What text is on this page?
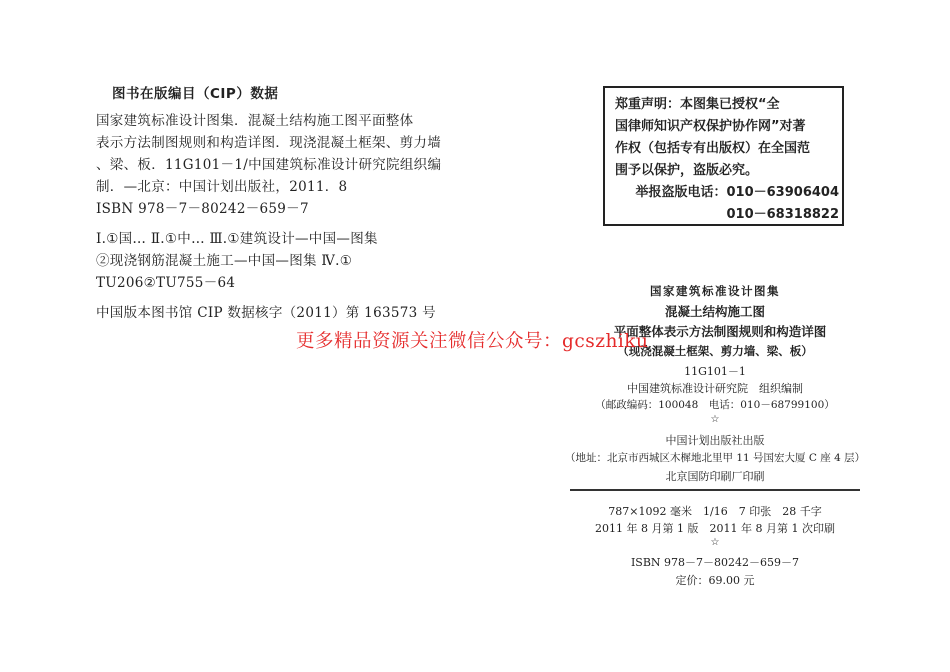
图书在版编目（CIP）数据
国家建筑标准设计图集．混凝土结构施工图平面整体
表示方法制图规则和构造详图．现浇混凝土框架、剪力墙
、梁、板．11G101－1/中国建筑标准设计研究院组织编
制．—北京：中国计划出版社，2011．8
ISBN 978－7－80242－659－7
Ⅰ.①国… Ⅱ.①中… Ⅲ.①建筑设计—中国—图集
②现浇钢筋混凝土施工—中国—图集 Ⅳ.①
TU206②TU755－64
中国版本图书馆 CIP 数据核字（2011）第 163573 号
郑重声明：本图集已授权“全
国律师知识产权保护协作网”对著
作权（包括专有出版权）在全国范
围予以保护，盗版必究。
举报盗版电话：010－63906404
010－68318822
国家建筑标准设计图集
混凝土结构施工图
平面整体表示方法制图规则和构造详图
（现浇混凝土框架、剪力墙、梁、板）
11G101－1
中国建筑标准设计研究院　组织编制
（邮政编码：100048　电话：010－68799100）
☆
中国计划出版社出版
（地址：北京市西城区木樨地北里甲 11 号国宏大厦 C 座 4 层）
北京国防印刷厂印刷
787×1092 毫米　1/16　7 印张　28 千字
2011 年 8 月第 1 版　2011 年 8 月第 1 次印刷
☆
ISBN 978－7－80242－659－7
定价：69.00 元
更多精品资源关注微信公众号：gcszhiku
